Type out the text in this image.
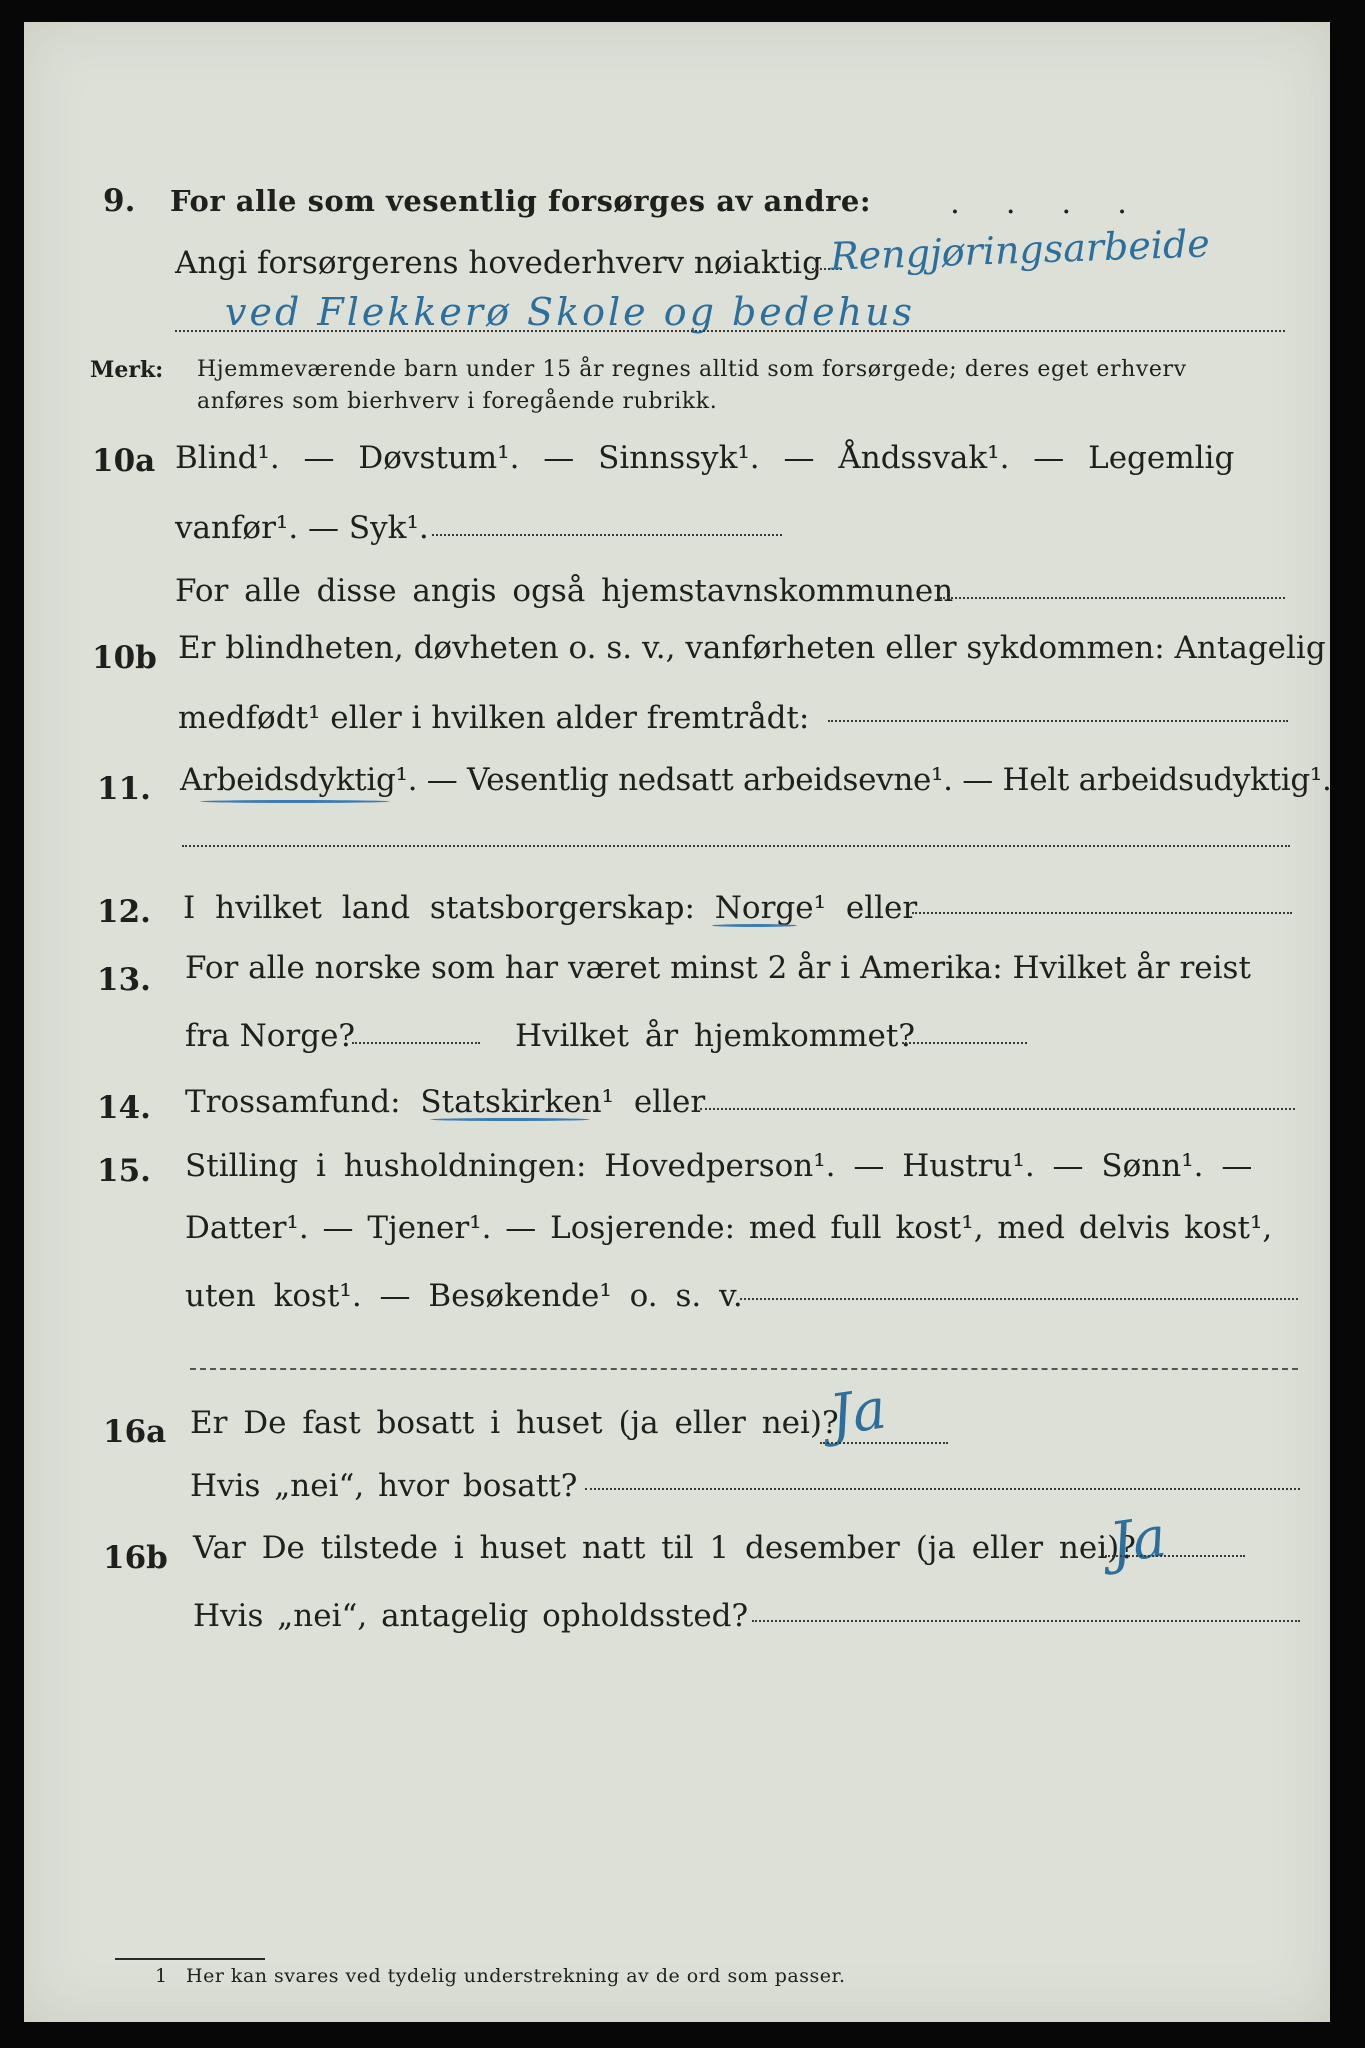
9. For alle som vesentlig forsørges av andre:	. . . .
Angi forsørgerens hovederhverv nøiaktig Rengjøringsarbeide
ved Flekkerø Skole og bedehus
Merk: Hjemmeværende barn under 15 år regnes alltid som forsørgede; deres eget erhverv
anføres som bierhverv i foregående rubrikk.
10a Blind¹. — Døvstum¹. — Sinnssyk¹. — Åndssvak¹. — Legemlig
vanfør¹. — Syk¹.
For alle disse angis også hjemstavnskommunen
10b Er blindheten, døvheten o. s. v., vanførheten eller sykdommen: Antagelig
medfødt¹ eller i hvilken alder fremtrådt:
11. Arbeidsdyktig¹. — Vesentlig nedsatt arbeidsevne¹. — Helt arbeidsudyktig¹.
12. I hvilket land statsborgerskap: Norge¹ eller
13. For alle norske som har været minst 2 år i Amerika: Hvilket år reist
fra Norge?	Hvilket år hjemkommet?
14. Trossamfund: Statskirken¹ eller
15. Stilling i husholdningen: Hovedperson¹. — Hustru¹. — Sønn¹. —
Datter¹. — Tjener¹. — Losjerende: med full kost¹, med delvis kost¹,
uten kost¹. — Besøkende¹ o. s. v.
16a Er De fast bosatt i huset (ja eller nei)?
Ja
Hvis „nei“, hvor bosatt?
16b Var De tilstede i huset natt til 1 desember (ja eller nei)?
Ja
Hvis „nei“, antagelig opholdssted?
1 Her kan svares ved tydelig understrekning av de ord som passer.
